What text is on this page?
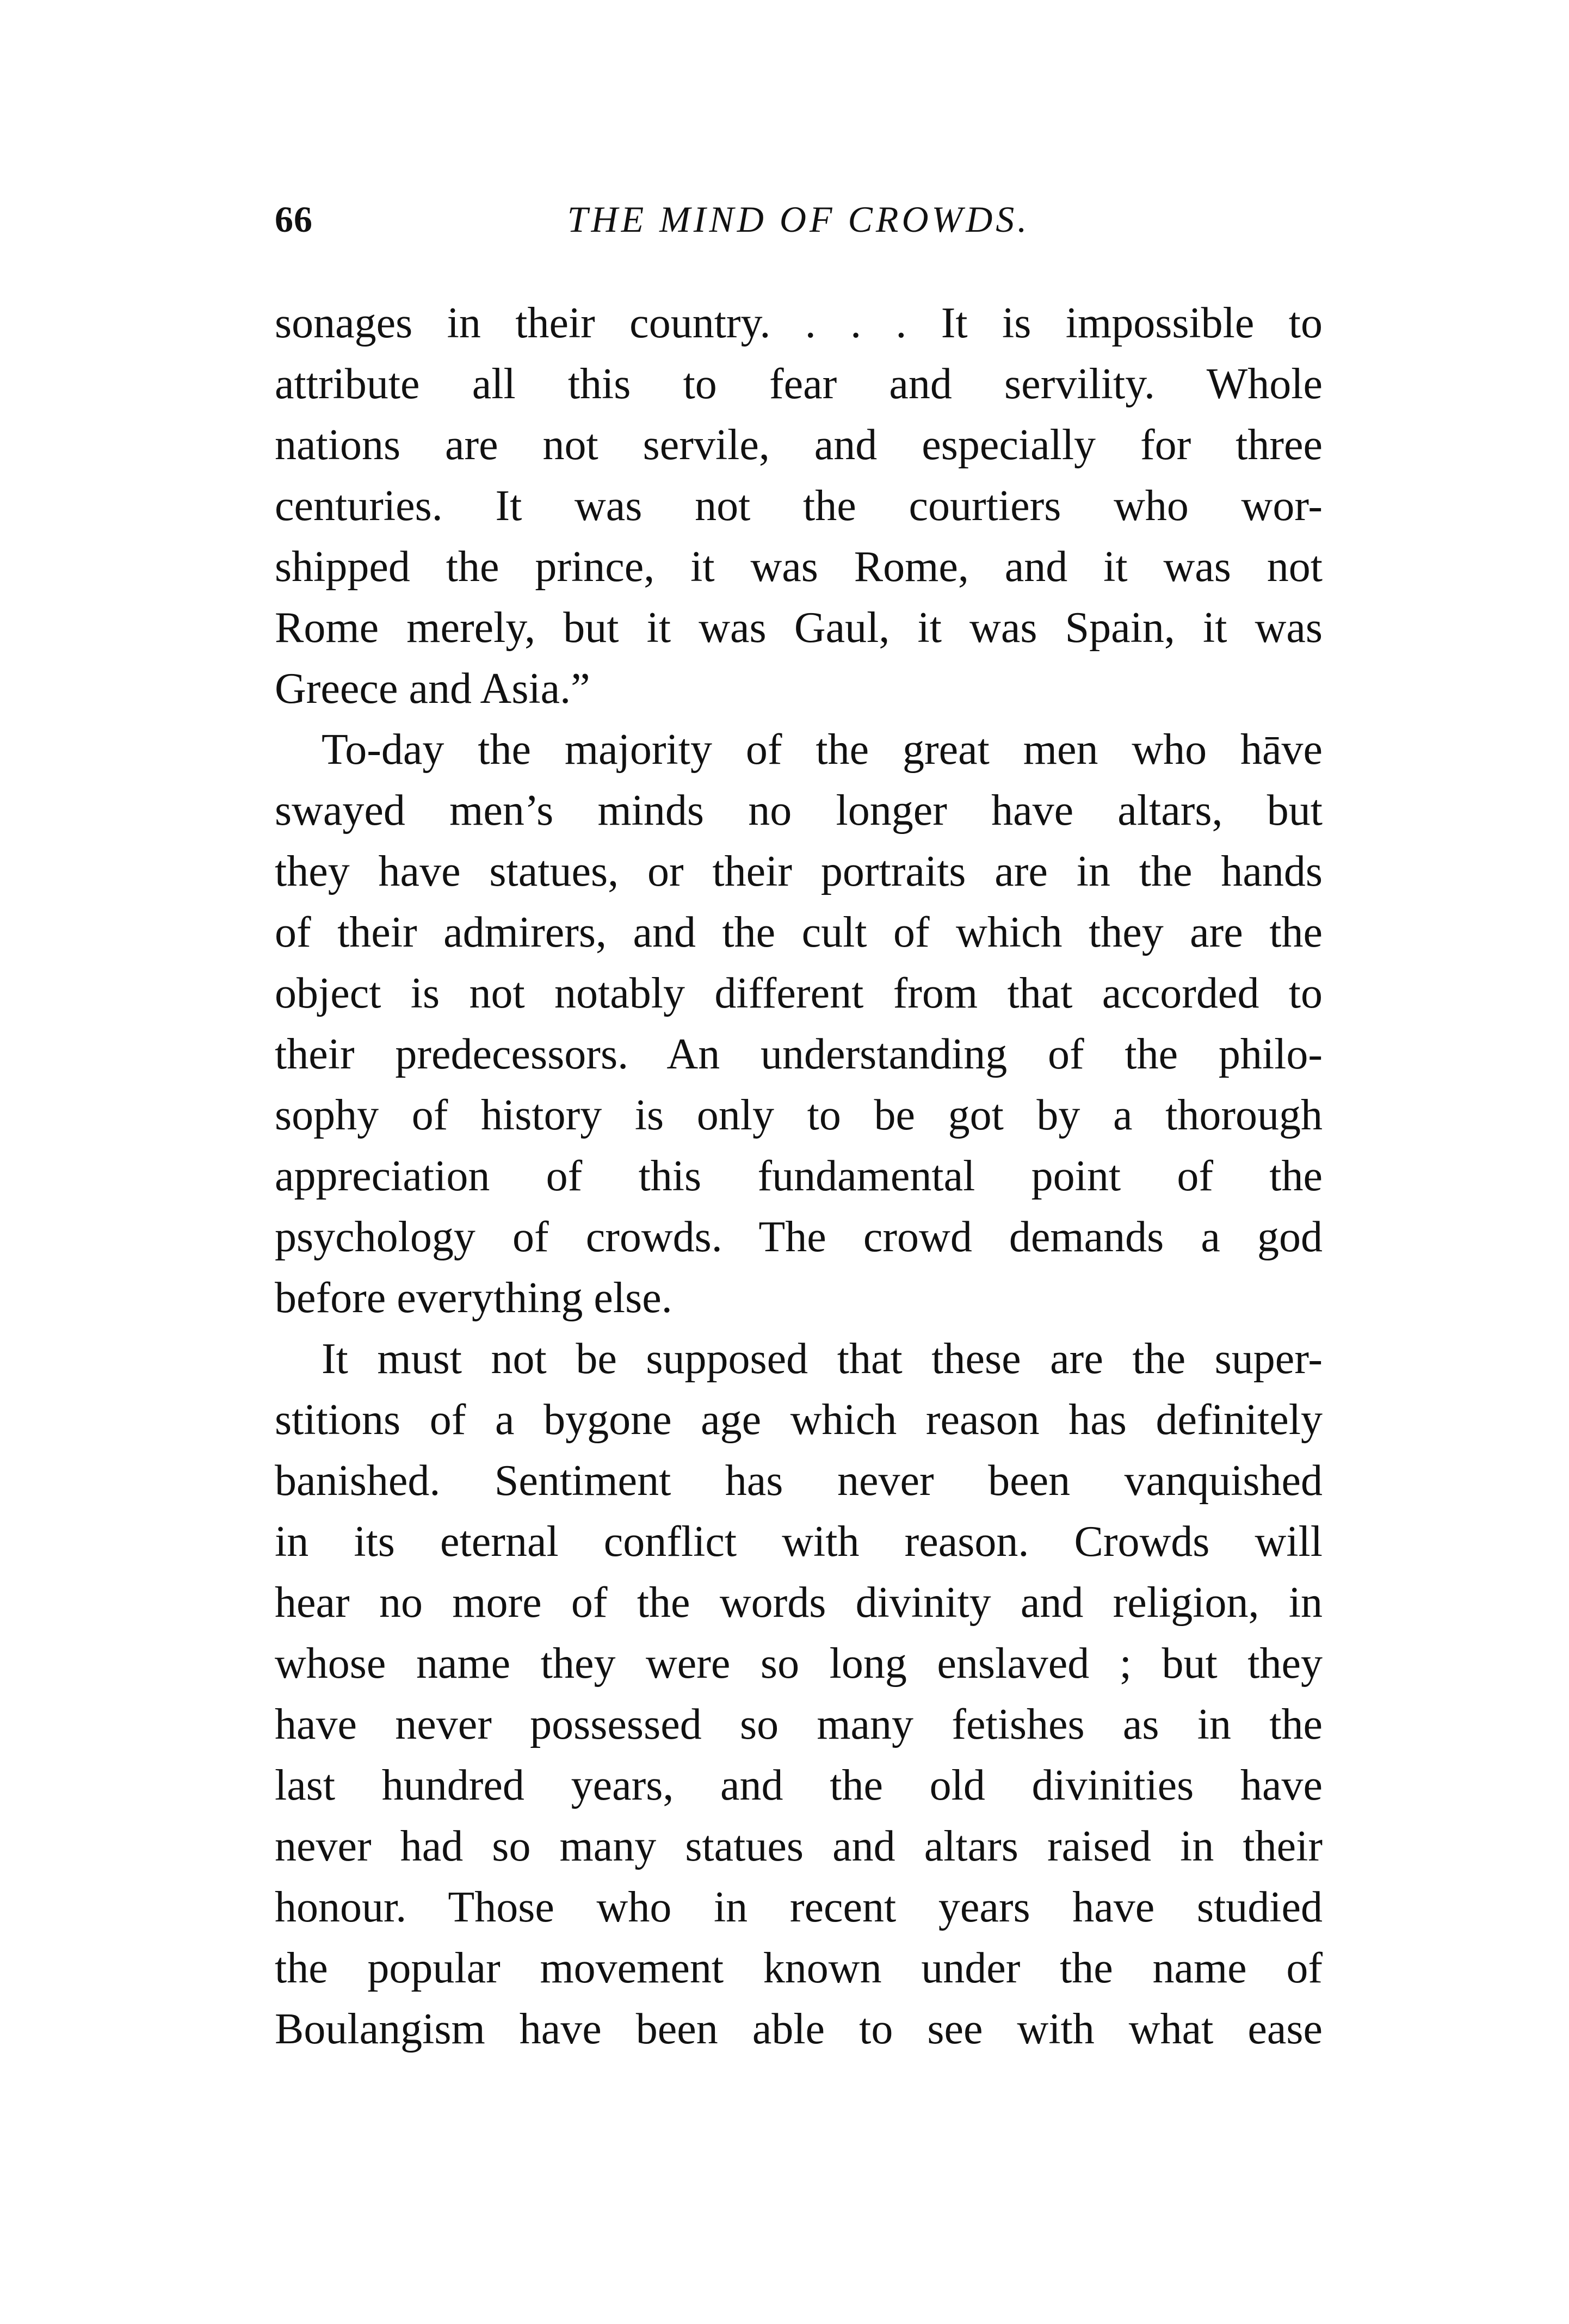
66	THE MIND OF CROWDS.
sonages in their country. . . . It is impossible to
attribute all this to fear and servility. Whole
nations are not servile, and especially for three
centuries. It was not the courtiers who wor-
shipped the prince, it was Rome, and it was not
Rome merely, but it was Gaul, it was Spain, it was
Greece and Asia.”
To-day the majority of the great men who hāve
swayed men’s minds no longer have altars, but
they have statues, or their portraits are in the hands
of their admirers, and the cult of which they are the
object is not notably different from that accorded to
their predecessors. An understanding of the philo-
sophy of history is only to be got by a thorough
appreciation of this fundamental point of the
psychology of crowds. The crowd demands a god
before everything else.
It must not be supposed that these are the super-
stitions of a bygone age which reason has definitely
banished. Sentiment has never been vanquished
in its eternal conflict with reason. Crowds will
hear no more of the words divinity and religion, in
whose name they were so long enslaved ; but they
have never possessed so many fetishes as in the
last hundred years, and the old divinities have
never had so many statues and altars raised in their
honour. Those who in recent years have studied
the popular movement known under the name of
Boulangism have been able to see with what ease
